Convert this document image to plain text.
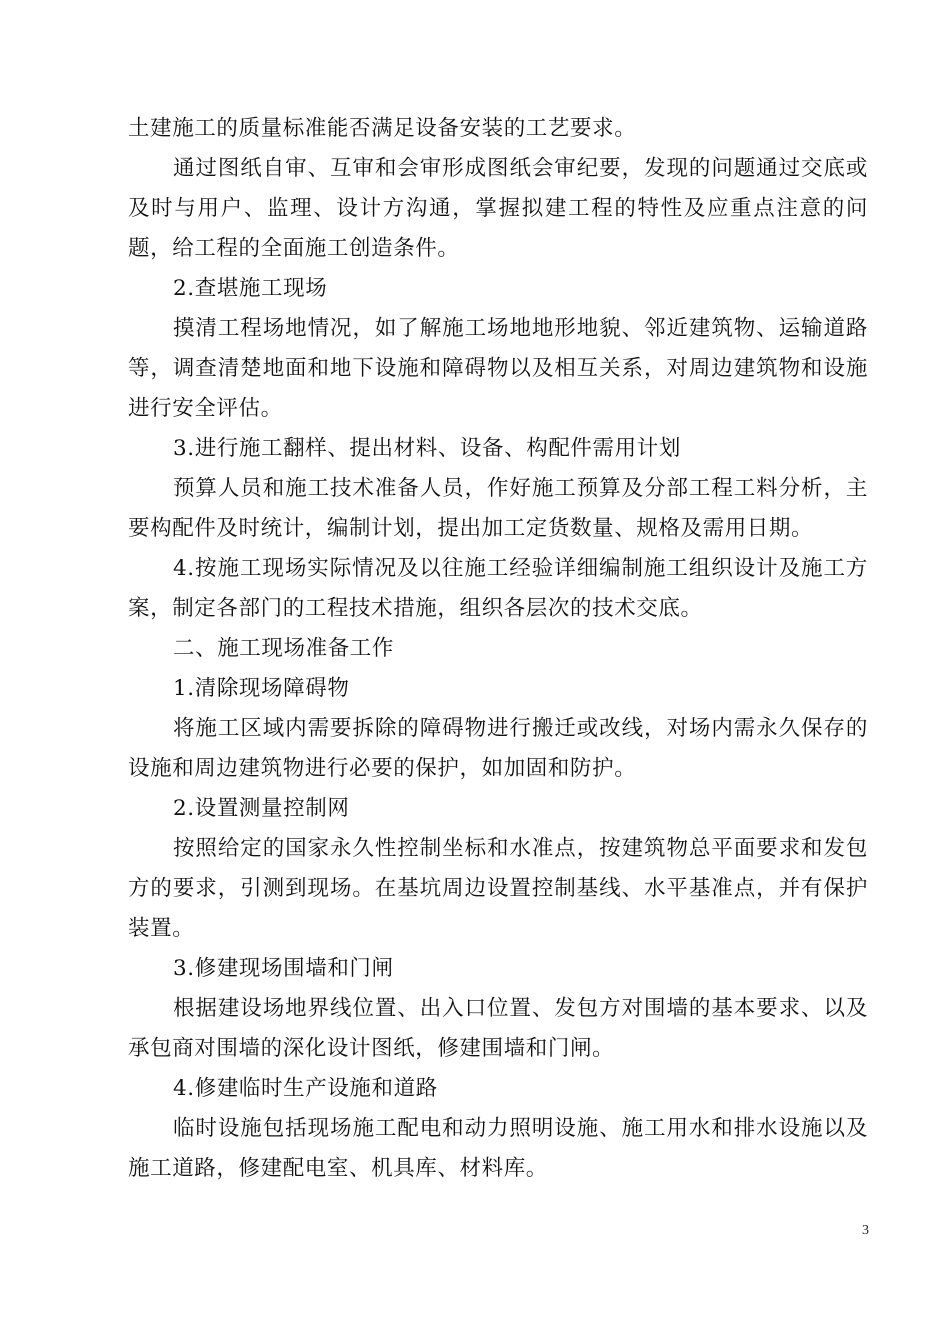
土建施工的质量标准能否满足设备安装的工艺要求。

通过图纸自审、互审和会审形成图纸会审纪要，发现的问题通过交底或及时与用户、监理、设计方沟通，掌握拟建工程的特性及应重点注意的问题，给工程的全面施工创造条件。

2.查堪施工现场

摸清工程场地情况，如了解施工场地地形地貌、邻近建筑物、运输道路等，调查清楚地面和地下设施和障碍物以及相互关系，对周边建筑物和设施进行安全评估。

3.进行施工翻样、提出材料、设备、构配件需用计划

预算人员和施工技术准备人员，作好施工预算及分部工程工料分析，主要构配件及时统计，编制计划，提出加工定货数量、规格及需用日期。

4.按施工现场实际情况及以往施工经验详细编制施工组织设计及施工方案，制定各部门的工程技术措施，组织各层次的技术交底。

二、施工现场准备工作

1.清除现场障碍物

将施工区域内需要拆除的障碍物进行搬迁或改线，对场内需永久保存的设施和周边建筑物进行必要的保护，如加固和防护。

2.设置测量控制网

按照给定的国家永久性控制坐标和水准点，按建筑物总平面要求和发包方的要求，引测到现场。在基坑周边设置控制基线、水平基准点，并有保护装置。

3.修建现场围墙和门闸

根据建设场地界线位置、出入口位置、发包方对围墙的基本要求、以及承包商对围墙的深化设计图纸，修建围墙和门闸。

4.修建临时生产设施和道路

临时设施包括现场施工配电和动力照明设施、施工用水和排水设施以及施工道路，修建配电室、机具库、材料库。

3
